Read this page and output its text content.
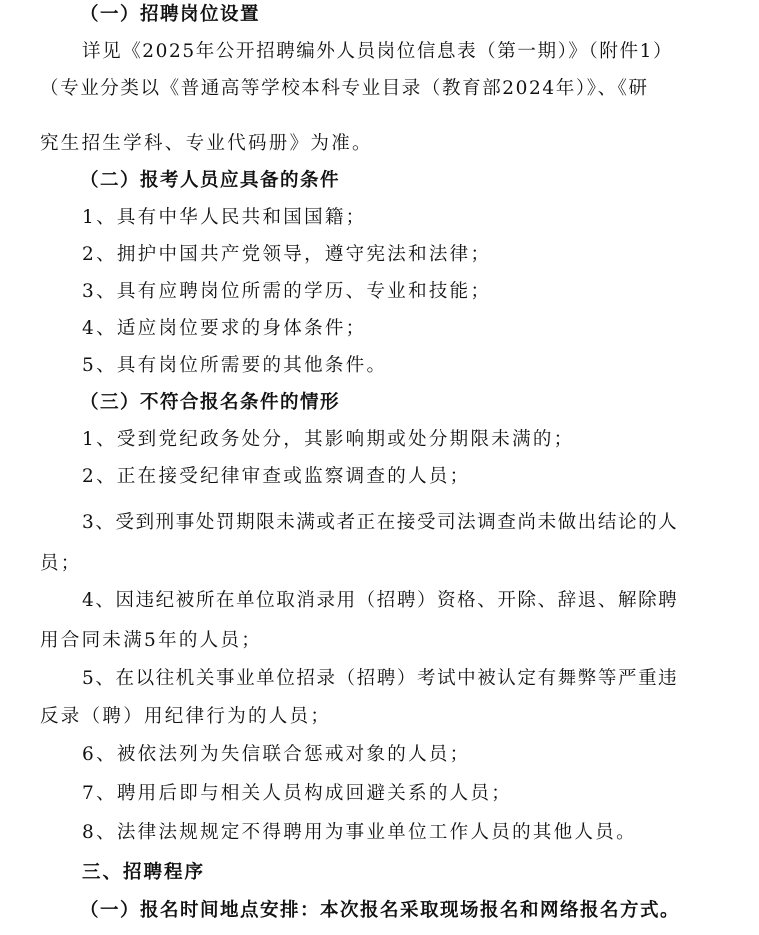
（一）招聘岗位设置
详见《2025年公开招聘编外人员岗位信息表（第一期）》（附件1）
（专业分类以《普通高等学校本科专业目录（教育部2024年）》、《研
究生招生学科、专业代码册》为准。
（二）报考人员应具备的条件
1、具有中华人民共和国国籍；
2、拥护中国共产党领导，遵守宪法和法律；
3、具有应聘岗位所需的学历、专业和技能；
4、适应岗位要求的身体条件；
5、具有岗位所需要的其他条件。
（三）不符合报名条件的情形
1、受到党纪政务处分，其影响期或处分期限未满的；
2、正在接受纪律审查或监察调查的人员；
3、受到刑事处罚期限未满或者正在接受司法调查尚未做出结论的人
员；
4、因违纪被所在单位取消录用（招聘）资格、开除、辞退、解除聘
用合同未满5年的人员；
5、在以往机关事业单位招录（招聘）考试中被认定有舞弊等严重违
反录（聘）用纪律行为的人员；
6、被依法列为失信联合惩戒对象的人员；
7、聘用后即与相关人员构成回避关系的人员；
8、法律法规规定不得聘用为事业单位工作人员的其他人员。
三、招聘程序
（一）报名时间地点安排：本次报名采取现场报名和网络报名方式。
